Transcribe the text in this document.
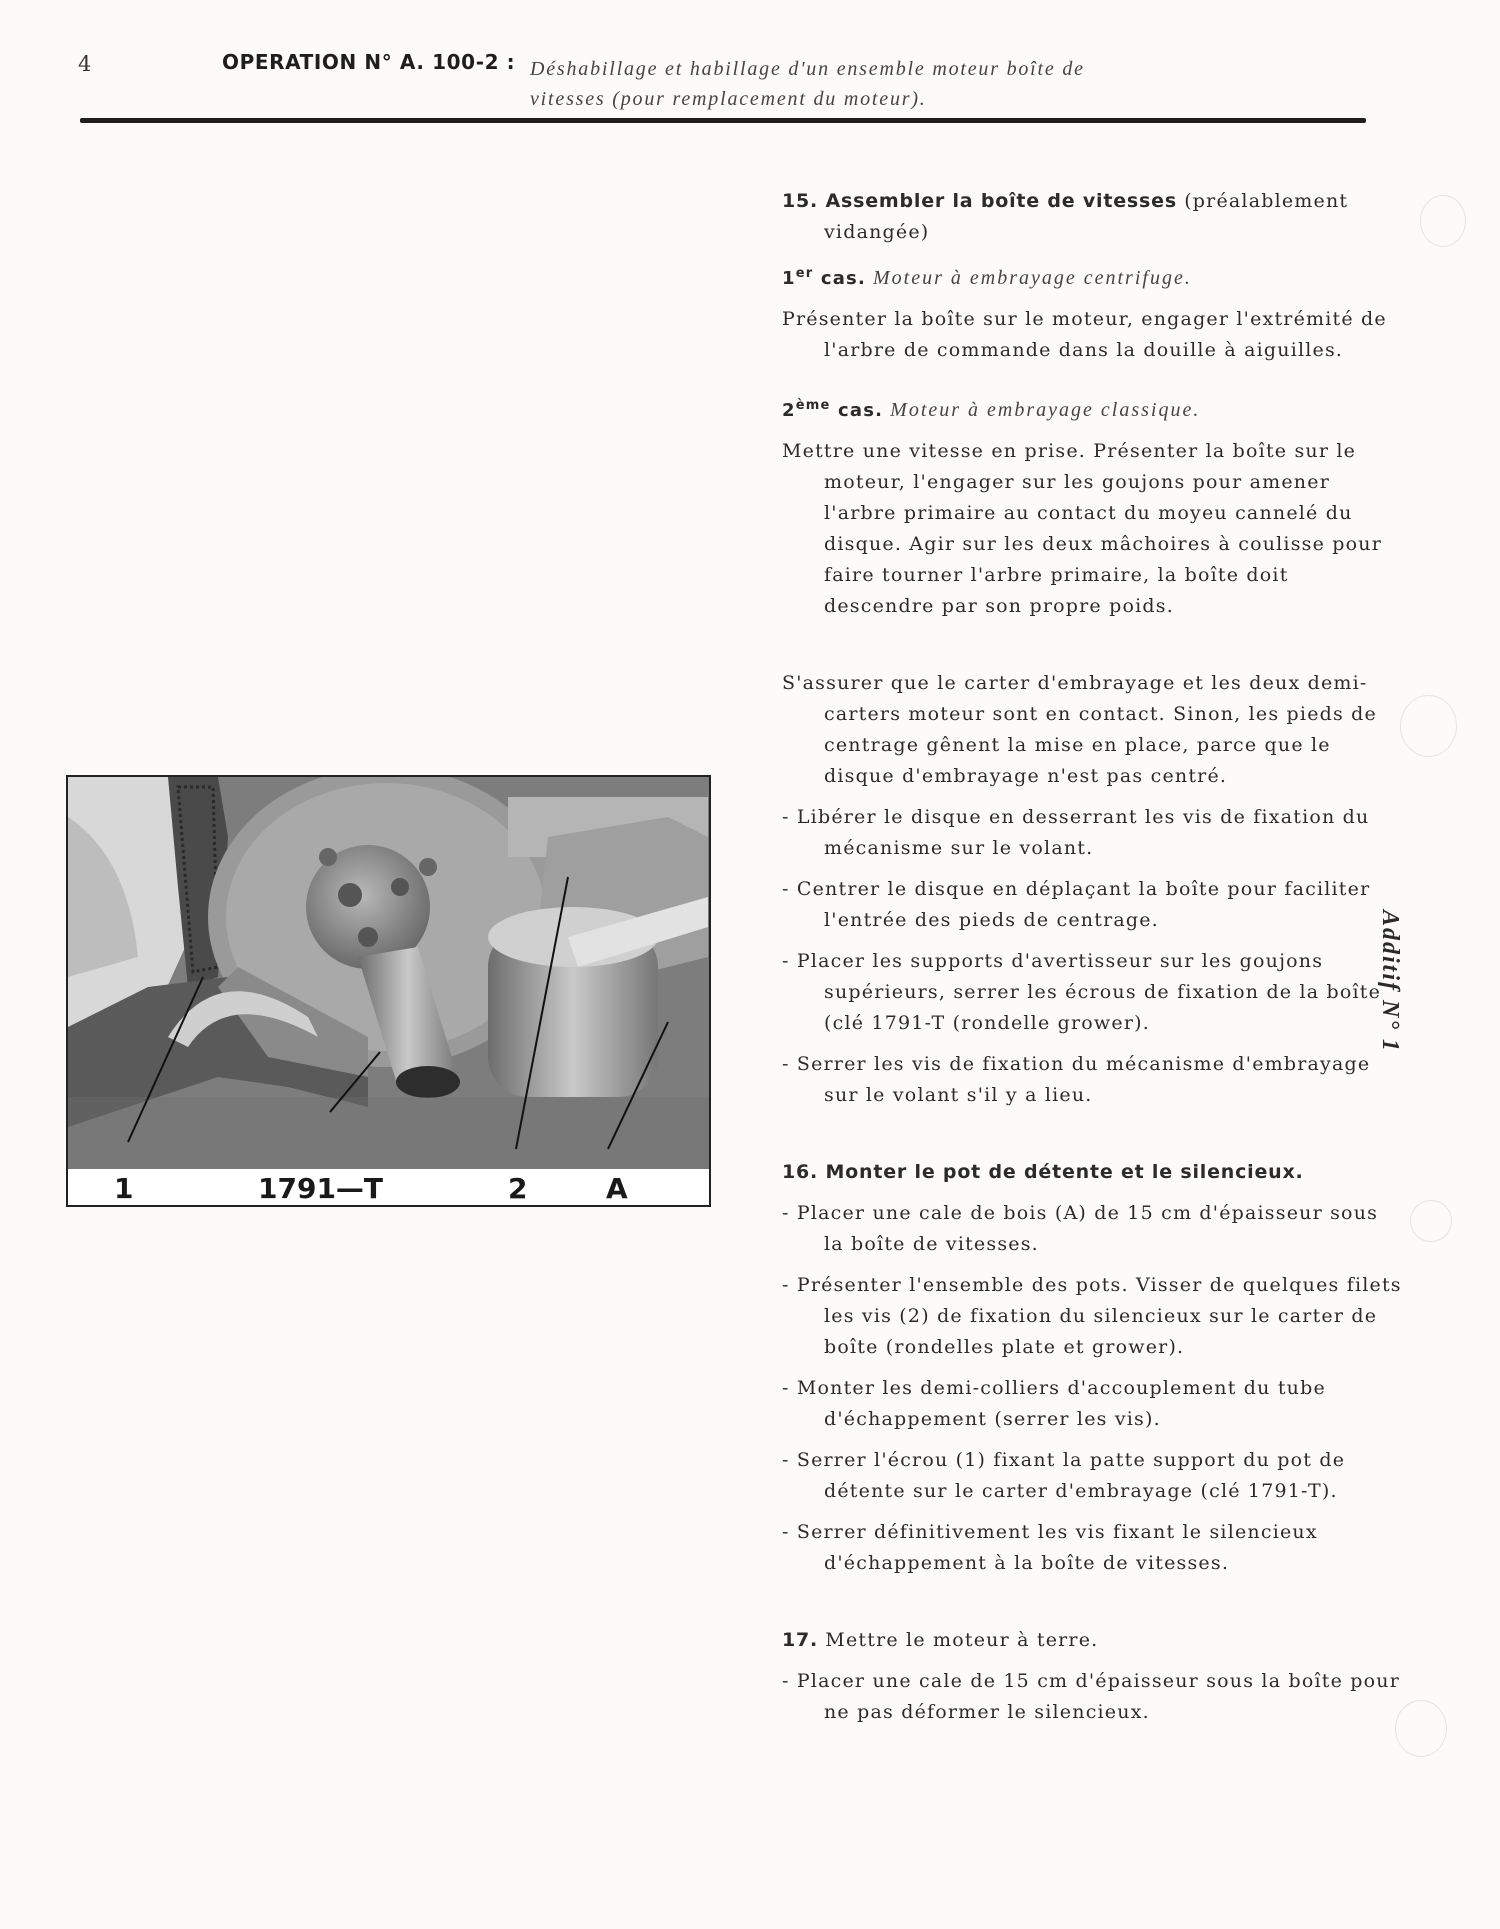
4	OPERATION N° A. 100-2 : Déshabillage et habillage d'un ensemble moteur boîte de
vitesses (pour remplacement du moteur).

15. Assembler la boîte de vitesses (préalablement vidangée)

1er cas. Moteur à embrayage centrifuge.

Présenter la boîte sur le moteur, engager l'extrémité de l'arbre de commande dans la douille à aiguilles.

2ème cas. Moteur à embrayage classique.

Mettre une vitesse en prise. Présenter la boîte sur le moteur, l'engager sur les goujons pour amener l'arbre primaire au contact du moyeu cannelé du disque. Agir sur les deux mâchoires à coulisse pour faire tourner l'arbre primaire, la boîte doit descendre par son propre poids.

S'assurer que le carter d'embrayage et les deux demi-carters moteur sont en contact. Sinon, les pieds de centrage gênent la mise en place, parce que le disque d'embrayage n'est pas centré.

- Libérer le disque en desserrant les vis de fixation du mécanisme sur le volant.

- Centrer le disque en déplaçant la boîte pour faciliter l'entrée des pieds de centrage.

- Placer les supports d'avertisseur sur les goujons supérieurs, serrer les écrous de fixation de la boîte (clé 1791-T (rondelle grower).

- Serrer les vis de fixation du mécanisme d'embrayage sur le volant s'il y a lieu.

16. Monter le pot de détente et le silencieux.

- Placer une cale de bois (A) de 15 cm d'épaisseur sous la boîte de vitesses.

- Présenter l'ensemble des pots. Visser de quelques filets les vis (2) de fixation du silencieux sur le carter de boîte (rondelles plate et grower).

- Monter les demi-colliers d'accouplement du tube d'échappement (serrer les vis).

- Serrer l'écrou (1) fixant la patte support du pot de détente sur le carter d'embrayage (clé 1791-T).

- Serrer définitivement les vis fixant le silencieux d'échappement à la boîte de vitesses.

17. Mettre le moteur à terre.

- Placer une cale de 15 cm d'épaisseur sous la boîte pour ne pas déformer le silencieux.

1	1791—T	2	A
Additif N° 1
